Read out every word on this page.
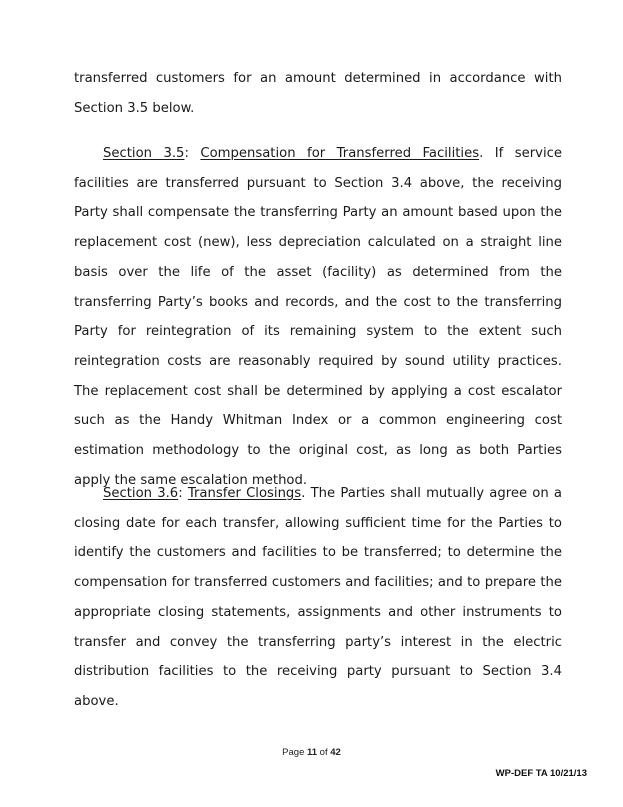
transferred customers for an amount determined in accordance with Section 3.5 below.

Section 3.5: Compensation for Transferred Facilities. If service facilities are transferred pursuant to Section 3.4 above, the receiving Party shall compensate the transferring Party an amount based upon the replacement cost (new), less depreciation calculated on a straight line basis over the life of the asset (facility) as determined from the transferring Party’s books and records, and the cost to the transferring Party for reintegration of its remaining system to the extent such reintegration costs are reasonably required by sound utility practices. The replacement cost shall be determined by applying a cost escalator such as the Handy Whitman Index or a common engineering cost estimation methodology to the original cost, as long as both Parties apply the same escalation method.

Section 3.6: Transfer Closings. The Parties shall mutually agree on a closing date for each transfer, allowing sufficient time for the Parties to identify the customers and facilities to be transferred; to determine the compensation for transferred customers and facilities; and to prepare the appropriate closing statements, assignments and other instruments to transfer and convey the transferring party’s interest in the electric distribution facilities to the receiving party pursuant to Section 3.4 above.

Page 11 of 42
WP-DEF TA 10/21/13
